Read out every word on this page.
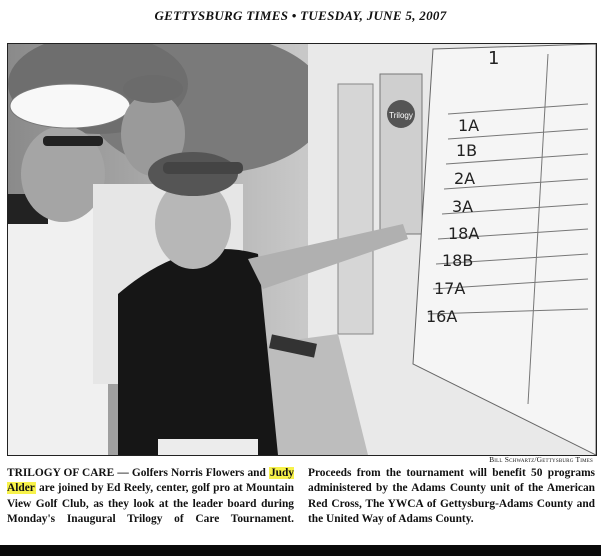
GETTYSBURG TIMES • TUESDAY, JUNE 5, 2007
Trilogy
1
1A
1B
2A
3A
18A
18B
17A
16A
Bill Schwartz/Gettysburg Times
TRILOGY OF CARE — Golfers Norris Flowers and Judy Alder are joined by Ed Reely, center, golf pro at Mountain View Golf Club, as they look at the leader board during Monday's Inaugural Trilogy of Care Tournament. Proceeds from the tournament will benefit 50 programs administered by the Adams County unit of the American Red Cross, The YWCA of Gettysburg-Adams County and the United Way of Adams County.
